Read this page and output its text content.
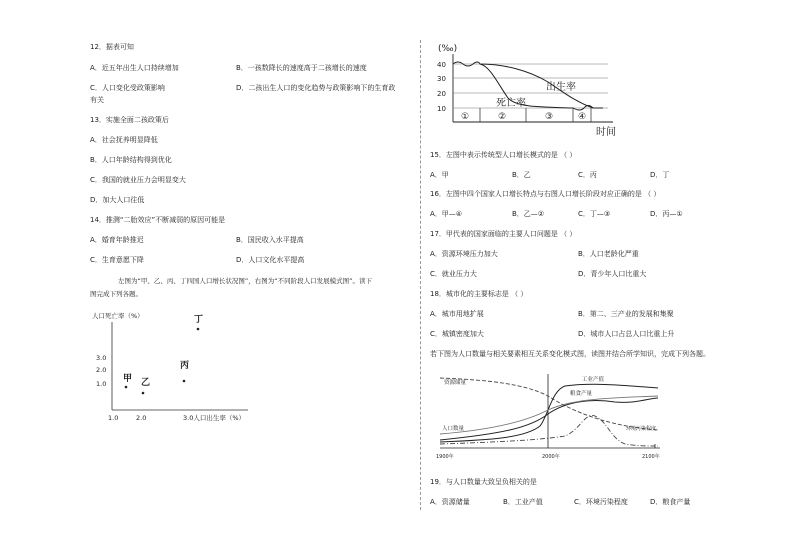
12．据表可知
A．近五年出生人口持续增加	B．一孩数降长的速度高于二孩增长的速度
C．人口变化受政策影响	D．二孩出生人口的变化趋势与政策影响下的生育政
有关
13．实施全面二孩政策后
A．社会抚养明显降低
B．人口年龄结构得到优化
C．我国的就业压力会明显变大
D．加大人口往低
14．推测“二胎效应”不断减弱的原因可能是
A．婚育年龄推迟	B．国民收入水平提高
C．生育意愿下降	D．人口文化水平提高
左图为“甲、乙、丙、丁四国人口增长状况图”，右图为“不同阶段人口发展模式图”。读下
图完成下列各题。
人口死亡率（%）
3.0
2.0
1.0
1.0	2.0	3.0人口出生率（%）
甲 乙
丙
丁
(‰)
40
30
20
10
出生率
死亡率
①	②	③	④
时间
15．左图中表示传统型人口增长模式的是 （ ）
A．甲	B．乙	C．丙	D．丁
16．左图中四个国家人口增长特点与右图人口增长阶段对应正确的是 （ ）
A．甲—④	B．乙—②	C．丁—③	D．丙—①
17．甲代表的国家面临的主要人口问题是 （ ）
A．资源环境压力加大	B．人口老龄化严重
C．就业压力大	D．青少年人口比重大
18．城市化的主要标志是 （ ）
A．城市用地扩展	B．第二、三产业的发展和集聚
C．城镇密度加大	D．城市人口占总人口比重上升
若下图为人口数量与相关要素相互关系变化模式图，读图并结合所学知识，完成下列各题。
资源储量	工业产值
粮食产量
人口数量	环境污染程度
1900年	2000年	2100年
19．与人口数量大致呈负相关的是
A．资源储量	B．工业产值	C．环境污染程度	D．粮食产量
